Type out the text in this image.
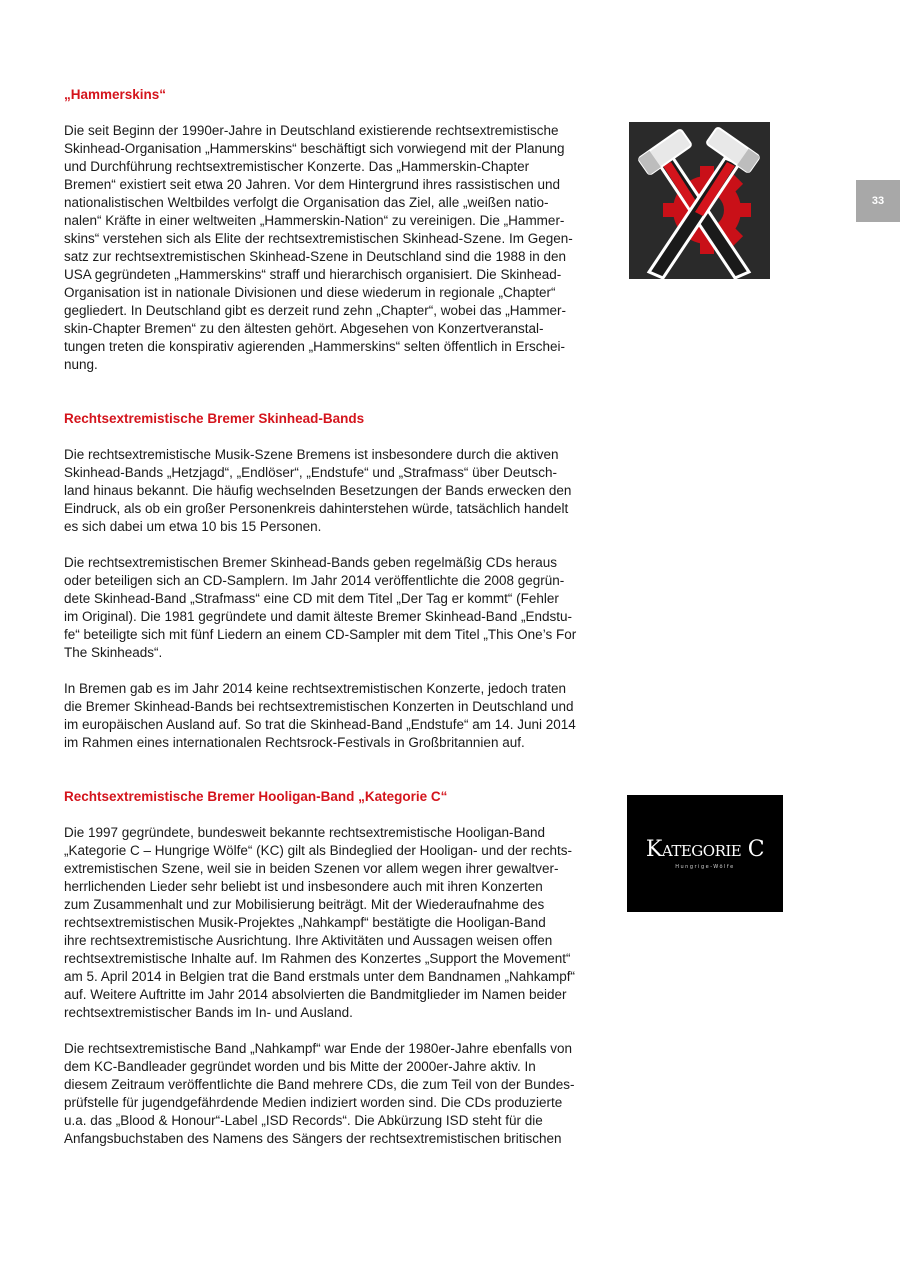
33
„Hammerskins“

Die seit Beginn der 1990er-Jahre in Deutschland existierende rechtsextremistische
Skinhead-Organisation „Hammerskins“ beschäftigt sich vorwiegend mit der Planung
und Durchführung rechtsextremistischer Konzerte. Das „Hammerskin-Chapter
Bremen“ existiert seit etwa 20 Jahren. Vor dem Hintergrund ihres rassistischen und
nationalistischen Weltbildes verfolgt die Organisation das Ziel, alle „weißen natio-
nalen“ Kräfte in einer weltweiten „Hammerskin-Nation“ zu vereinigen. Die „Hammer-
skins“ verstehen sich als Elite der rechtsextremistischen Skinhead-Szene. Im Gegen-
satz zur rechtsextremistischen Skinhead-Szene in Deutschland sind die 1988 in den
USA gegründeten „Hammerskins“ straff und hierarchisch organisiert. Die Skinhead-
Organisation ist in nationale Divisionen und diese wiederum in regionale „Chapter“
gegliedert. In Deutschland gibt es derzeit rund zehn „Chapter“, wobei das „Hammer-
skin-Chapter Bremen“ zu den ältesten gehört. Abgesehen von Konzertveranstal-
tungen treten die konspirativ agierenden „Hammerskins“ selten öffentlich in Erschei-
nung.

Rechtsextremistische Bremer Skinhead-Bands

Die rechtsextremistische Musik-Szene Bremens ist insbesondere durch die aktiven
Skinhead-Bands „Hetzjagd“, „Endlöser“, „Endstufe“ und „Strafmass“ über Deutsch-
land hinaus bekannt. Die häufig wechselnden Besetzungen der Bands erwecken den
Eindruck, als ob ein großer Personenkreis dahinterstehen würde, tatsächlich handelt
es sich dabei um etwa 10 bis 15 Personen.

Die rechtsextremistischen Bremer Skinhead-Bands geben regelmäßig CDs heraus
oder beteiligen sich an CD-Samplern. Im Jahr 2014 veröffentlichte die 2008 gegrün-
dete Skinhead-Band „Strafmass“ eine CD mit dem Titel „Der Tag er kommt“ (Fehler
im Original). Die 1981 gegründete und damit älteste Bremer Skinhead-Band „Endstu-
fe“ beteiligte sich mit fünf Liedern an einem CD-Sampler mit dem Titel „This One’s For
The Skinheads“.

In Bremen gab es im Jahr 2014 keine rechtsextremistischen Konzerte, jedoch traten
die Bremer Skinhead-Bands bei rechtsextremistischen Konzerten in Deutschland und
im europäischen Ausland auf. So trat die Skinhead-Band „Endstufe“ am 14. Juni 2014
im Rahmen eines internationalen Rechtsrock-Festivals in Großbritannien auf.

Rechtsextremistische Bremer Hooligan-Band „Kategorie C“

Die 1997 gegründete, bundesweit bekannte rechtsextremistische Hooligan-Band
„Kategorie C – Hungrige Wölfe“ (KC) gilt als Bindeglied der Hooligan- und der rechts-
extremistischen Szene, weil sie in beiden Szenen vor allem wegen ihrer gewaltver-
herrlichenden Lieder sehr beliebt ist und insbesondere auch mit ihren Konzerten
zum Zusammenhalt und zur Mobilisierung beiträgt. Mit der Wiederaufnahme des
rechtsextremistischen Musik-Projektes „Nahkampf“ bestätigte die Hooligan-Band
ihre rechtsextremistische Ausrichtung. Ihre Aktivitäten und Aussagen weisen offen
rechtsextremistische Inhalte auf. Im Rahmen des Konzertes „Support the Movement“
am 5. April 2014 in Belgien trat die Band erstmals unter dem Bandnamen „Nahkampf“
auf. Weitere Auftritte im Jahr 2014 absolvierten die Bandmitglieder im Namen beider
rechtsextremistischer Bands im In- und Ausland.

Die rechtsextremistische Band „Nahkampf“ war Ende der 1980er-Jahre ebenfalls von
dem KC-Bandleader gegründet worden und bis Mitte der 2000er-Jahre aktiv. In
diesem Zeitraum veröffentlichte die Band mehrere CDs, die zum Teil von der Bundes-
prüfstelle für jugendgefährdende Medien indiziert worden sind. Die CDs produzierte
u.a. das „Blood & Honour“-Label „ISD Records“. Die Abkürzung ISD steht für die
Anfangsbuchstaben des Namens des Sängers der rechtsextremistischen britischen

KATEGORIE C
Hungrige-Wölfe
